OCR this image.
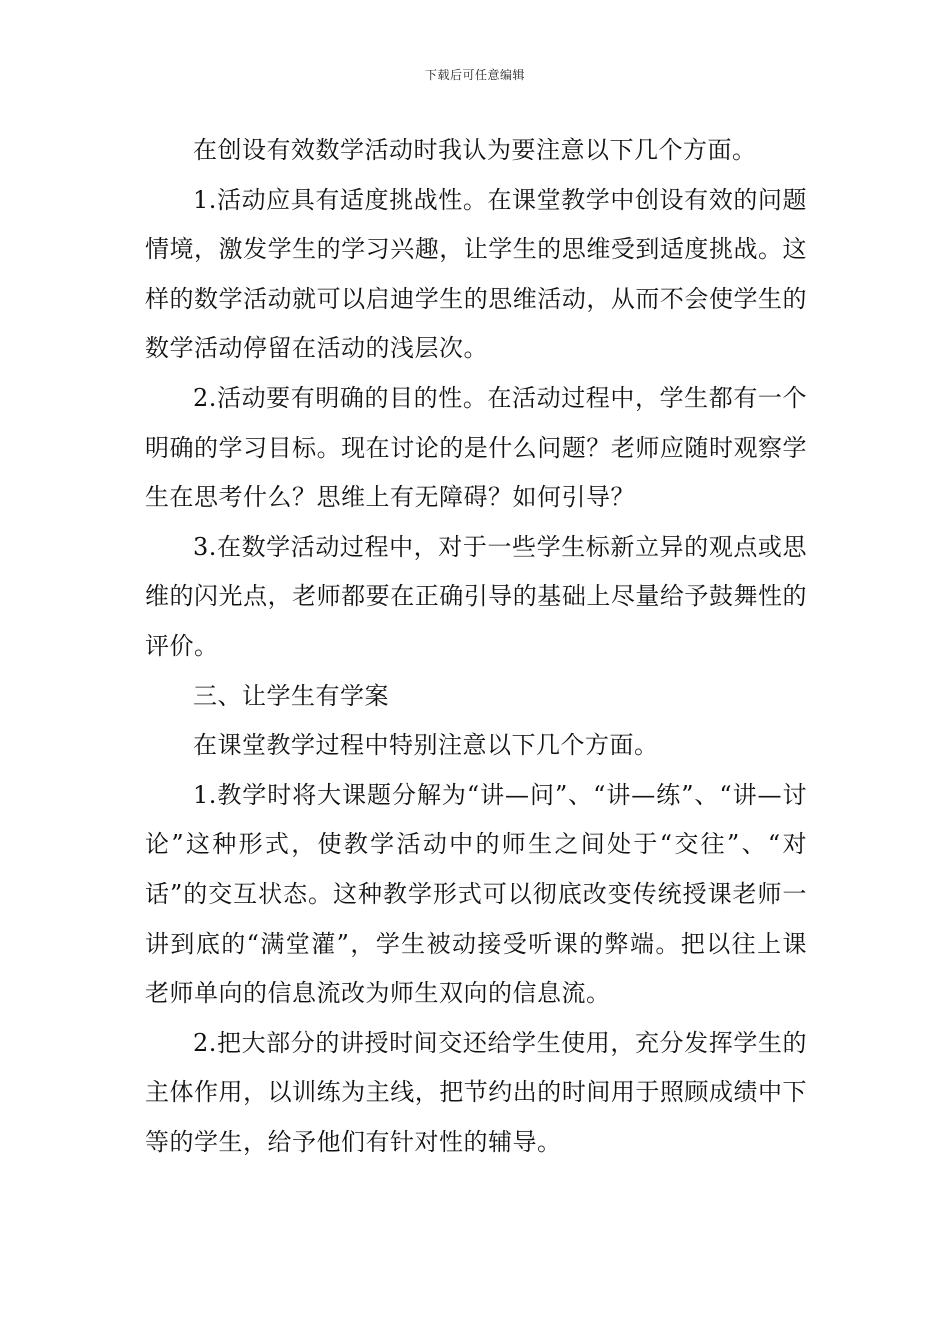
下载后可任意编辑

在创设有效数学活动时我认为要注意以下几个方面。

1.活动应具有适度挑战性。在课堂教学中创设有效的问题情境，激发学生的学习兴趣，让学生的思维受到适度挑战。这样的数学活动就可以启迪学生的思维活动，从而不会使学生的数学活动停留在活动的浅层次。

2.活动要有明确的目的性。在活动过程中，学生都有一个明确的学习目标。现在讨论的是什么问题？老师应随时观察学生在思考什么？思维上有无障碍？如何引导？

3.在数学活动过程中，对于一些学生标新立异的观点或思维的闪光点，老师都要在正确引导的基础上尽量给予鼓舞性的评价。

三、让学生有学案

在课堂教学过程中特别注意以下几个方面。

1.教学时将大课题分解为“讲—问”、“讲—练”、“讲—讨论”这种形式，使教学活动中的师生之间处于“交往”、“对话”的交互状态。这种教学形式可以彻底改变传统授课老师一讲到底的“满堂灌”，学生被动接受听课的弊端。把以往上课老师单向的信息流改为师生双向的信息流。

2.把大部分的讲授时间交还给学生使用，充分发挥学生的主体作用，以训练为主线，把节约出的时间用于照顾成绩中下等的学生，给予他们有针对性的辅导。
